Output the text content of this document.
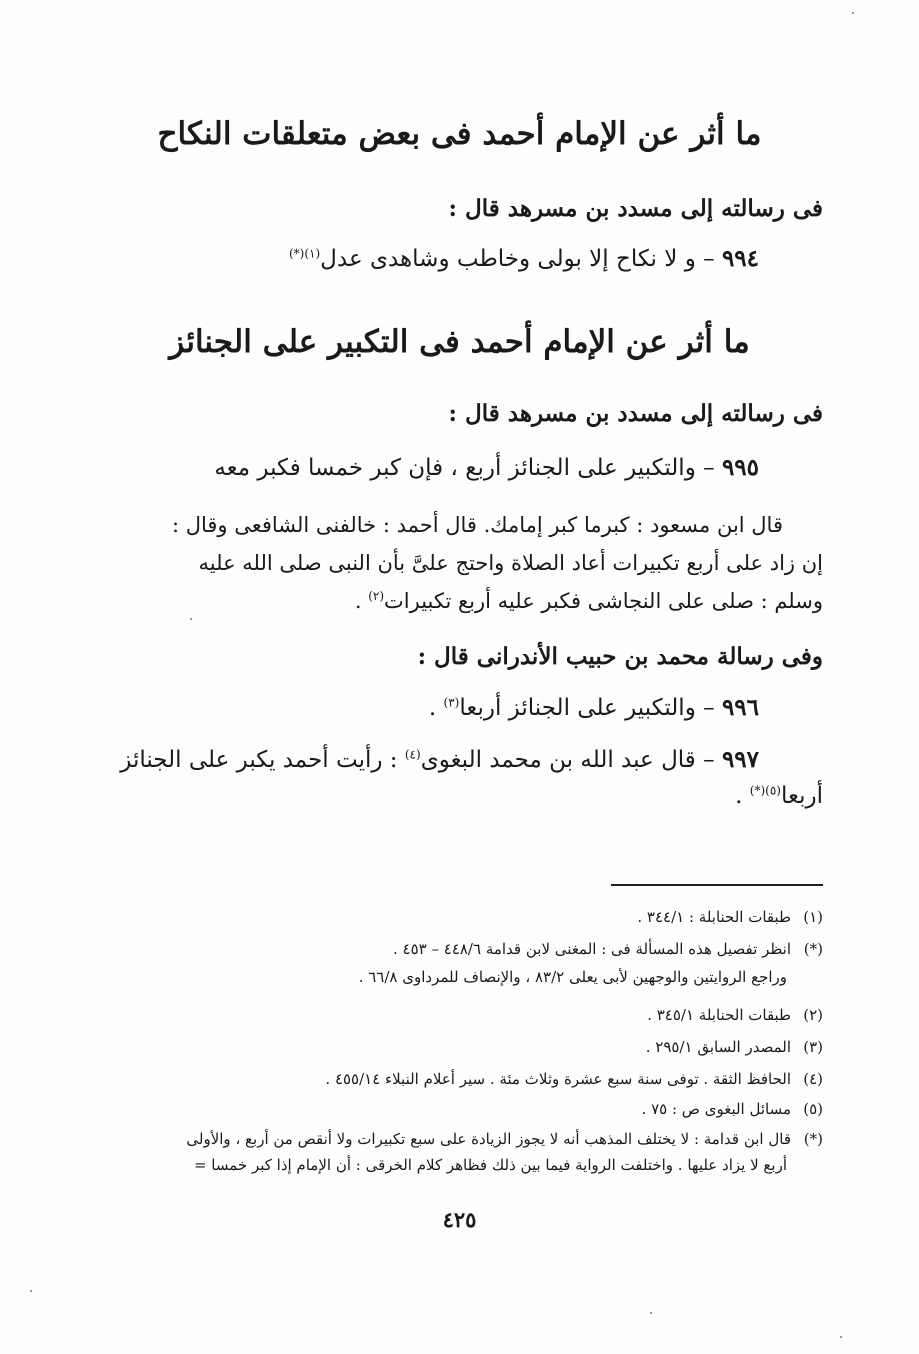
ما أثر عن الإمام أحمد فى بعض متعلقات النكاح
فى رسالته إلى مسدد بن مسرهد قال :
٩٩٤ – و لا نكاح إلا بولى وخاطب وشاهدى عدل$^{(١)(*)}$
ما أثر عن الإمام أحمد فى التكبير على الجنائز
فى رسالته إلى مسدد بن مسرهد قال :
٩٩٥ – والتكبير على الجنائز أربع ، فإن كبر خمسا فكبر معه
قال ابن مسعود : كبرما كبر إمامك. قال أحمد : خالفنى الشافعى وقال :
إن زاد على أربع تكبيرات أعاد الصلاة واحتج علىَّ بأن النبى صلى الله عليه
وسلم : صلى على النجاشى فكبر عليه أربع تكبيرات$^{(٢)}$ .
وفى رسالة محمد بن حبيب الأندرانى قال :
٩٩٦ – والتكبير على الجنائز أربعا$^{(٣)}$ .
٩٩٧ – قال عبد الله بن محمد البغوى$^{(٤)}$ : رأيت أحمد يكبر على الجنائز
أربعا$^{(٥)(*)}$ .
(١)طبقات الحنابلة : ٣٤٤/١ .
(*)انظر تفصيل هذه المسألة فى : المغنى لابن قدامة ٤٤٨/٦ – ٤٥٣ .
وراجع الروايتين والوجهين لأبى يعلى ٨٣/٢ ، والإنصاف للمرداوى ٦٦/٨ .
(٢)طبقات الحنابلة ٣٤٥/١ .
(٣)المصدر السابق ٢٩٥/١ .
(٤)الحافظ الثقة . توفى سنة سبع عشرة وثلاث مئة . سير أعلام النبلاء ٤٥٥/١٤ .
(٥)مسائل البغوى ص : ٧٥ .
(*)قال ابن قدامة : لا يختلف المذهب أنه لا يجوز الزيادة على سبع تكبيرات ولا أنقص من أربع ، والأولى
أربع لا يزاد عليها . واختلفت الرواية فيما بين ذلك فظاهر كلام الخرقى : أن الإمام إذا كبر خمسا =
٤٢٥
